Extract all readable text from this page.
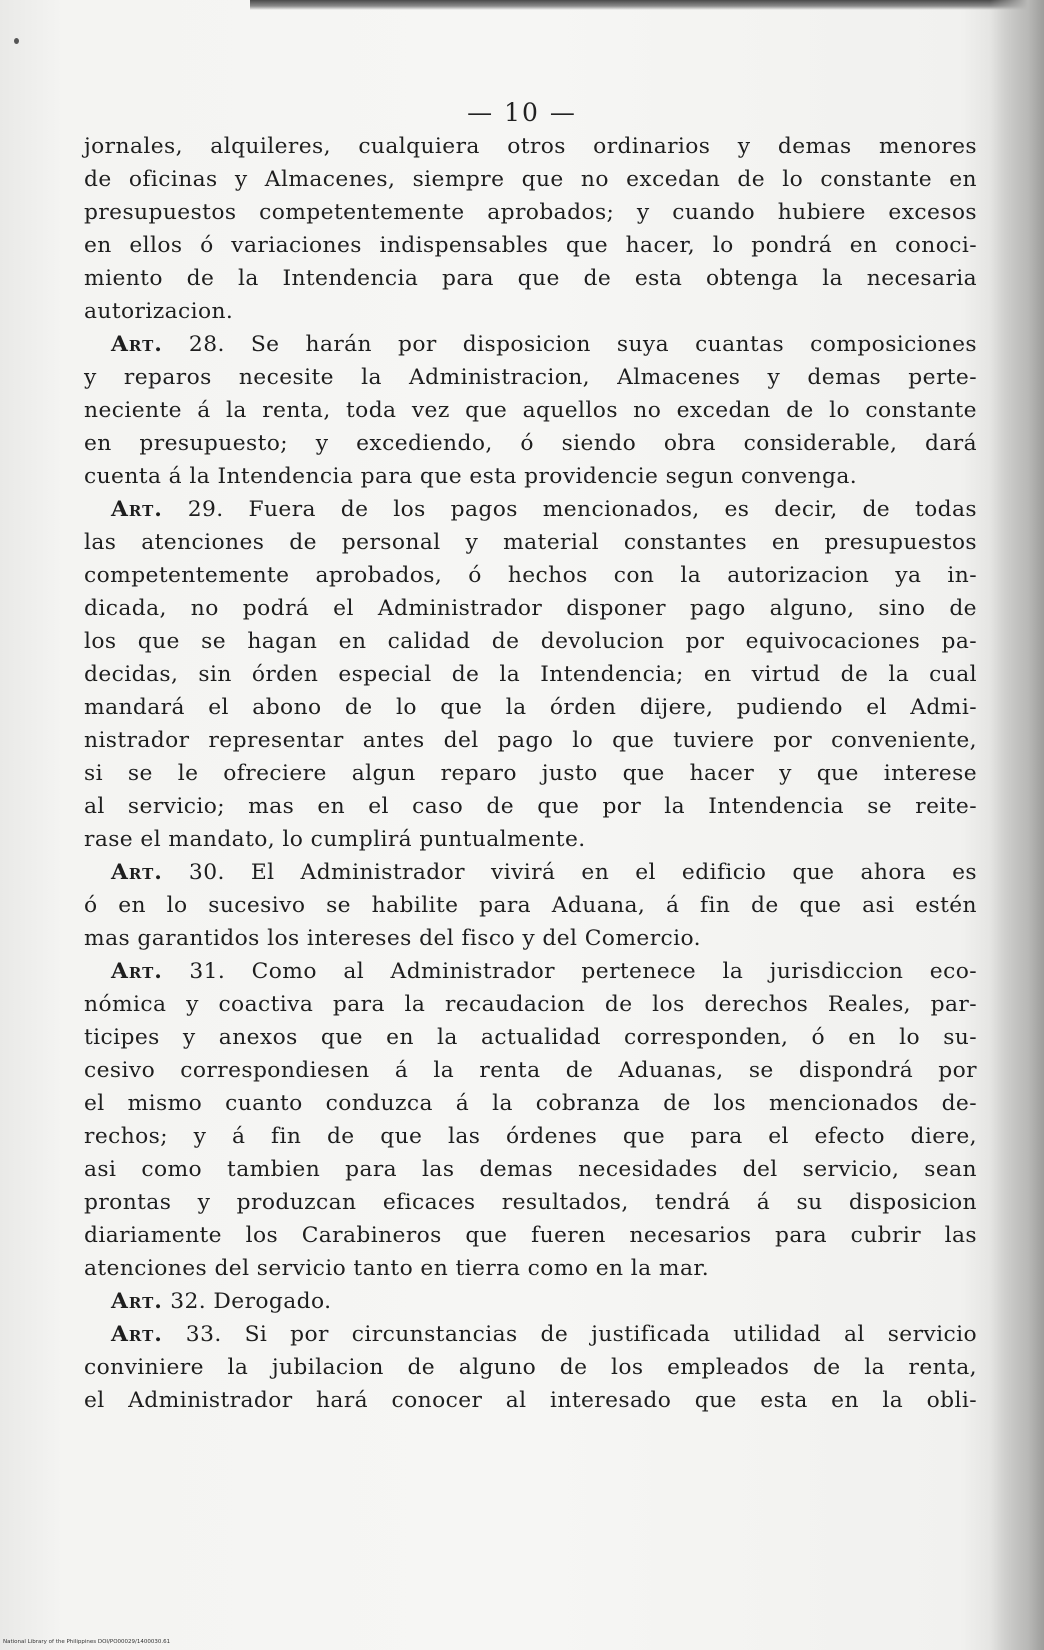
— 10 —

jornales, alquileres, cualquiera otros ordinarios y demas menores

de oficinas y Almacenes, siempre que no excedan de lo constante en

presupuestos competentemente aprobados; y cuando hubiere excesos

en ellos ó variaciones indispensables que hacer, lo pondrá en conoci-

miento de la Intendencia para que de esta obtenga la necesaria

autorizacion.

Art. 28. Se harán por disposicion suya cuantas composiciones

y reparos necesite la Administracion, Almacenes y demas perte-

neciente á la renta, toda vez que aquellos no excedan de lo constante

en presupuesto; y excediendo, ó siendo obra considerable, dará

cuenta á la Intendencia para que esta providencie segun convenga.

Art. 29. Fuera de los pagos mencionados, es decir, de todas

las atenciones de personal y material constantes en presupuestos

competentemente aprobados, ó hechos con la autorizacion ya in-

dicada, no podrá el Administrador disponer pago alguno, sino de

los que se hagan en calidad de devolucion por equivocaciones pa-

decidas, sin órden especial de la Intendencia; en virtud de la cual

mandará el abono de lo que la órden dijere, pudiendo el Admi-

nistrador representar antes del pago lo que tuviere por conveniente,

si se le ofreciere algun reparo justo que hacer y que interese

al servicio; mas en el caso de que por la Intendencia se reite-

rase el mandato, lo cumplirá puntualmente.

Art. 30. El Administrador vivirá en el edificio que ahora es

ó en lo sucesivo se habilite para Aduana, á fin de que asi estén

mas garantidos los intereses del fisco y del Comercio.

Art. 31. Como al Administrador pertenece la jurisdiccion eco-

nómica y coactiva para la recaudacion de los derechos Reales, par-

ticipes y anexos que en la actualidad corresponden, ó en lo su-

cesivo correspondiesen á la renta de Aduanas, se dispondrá por

el mismo cuanto conduzca á la cobranza de los mencionados de-

rechos; y á fin de que las órdenes que para el efecto diere,

asi como tambien para las demas necesidades del servicio, sean

prontas y produzcan eficaces resultados, tendrá á su disposicion

diariamente los Carabineros que fueren necesarios para cubrir las

atenciones del servicio tanto en tierra como en la mar.

Art. 32. Derogado.

Art. 33. Si por circunstancias de justificada utilidad al servicio

conviniere la jubilacion de alguno de los empleados de la renta,

el Administrador hará conocer al interesado que esta en la obli-

National Library of the Philippines DOI/PO00029/1400030.61
